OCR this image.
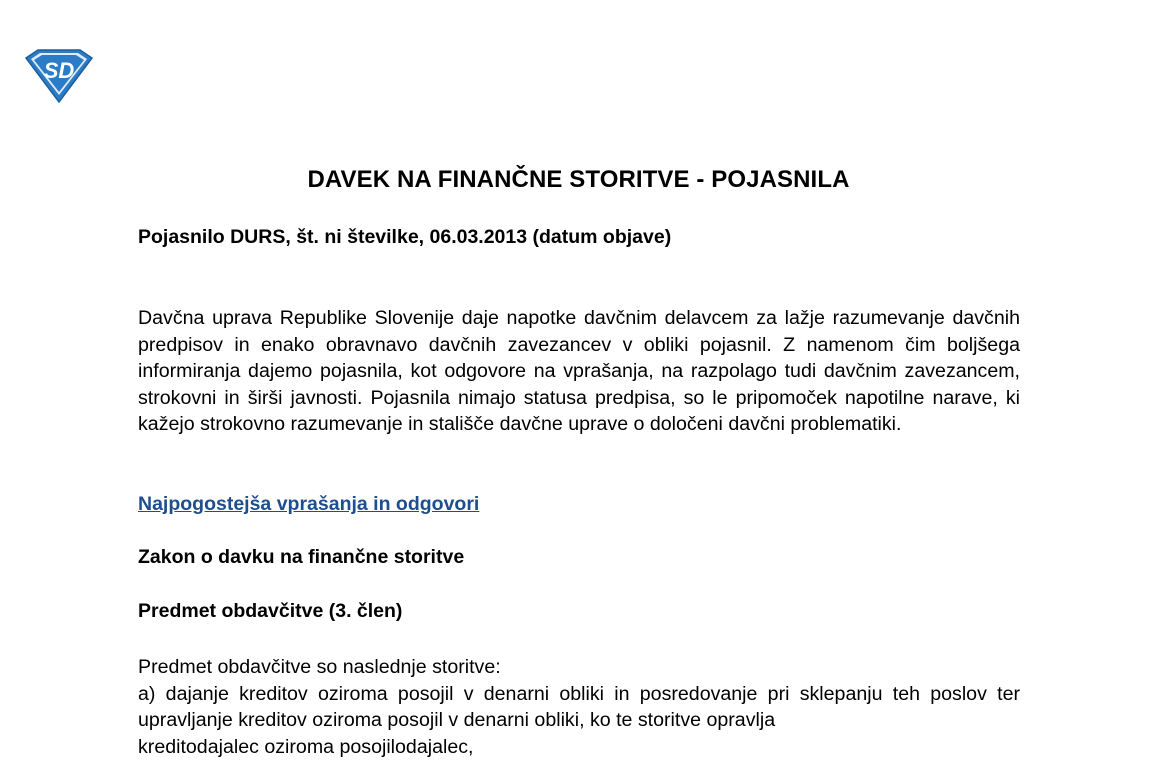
SD
DAVEK NA FINANČNE STORITVE - POJASNILA
Pojasnilo DURS, št. ni številke, 06.03.2013 (datum objave)
Davčna uprava Republike Slovenije daje napotke davčnim delavcem za lažje razumevanje davčnih predpisov in enako obravnavo davčnih zavezancev v obliki pojasnil. Z namenom čim boljšega informiranja dajemo pojasnila, kot odgovore na vprašanja, na razpolago tudi davčnim zavezancem, strokovni in širši javnosti. Pojasnila nimajo statusa predpisa, so le pripomoček napotilne narave, ki kažejo strokovno razumevanje in stališče davčne uprave o določeni davčni problematiki.
Najpogostejša vprašanja in odgovori
Zakon o davku na finančne storitve
Predmet obdavčitve (3. člen)
Predmet obdavčitve so naslednje storitve:
a) dajanje kreditov oziroma posojil v denarni obliki in posredovanje pri sklepanju teh poslov ter upravljanje kreditov oziroma posojil v denarni obliki, ko te storitve opravlja
kreditodajalec oziroma posojilodajalec,
